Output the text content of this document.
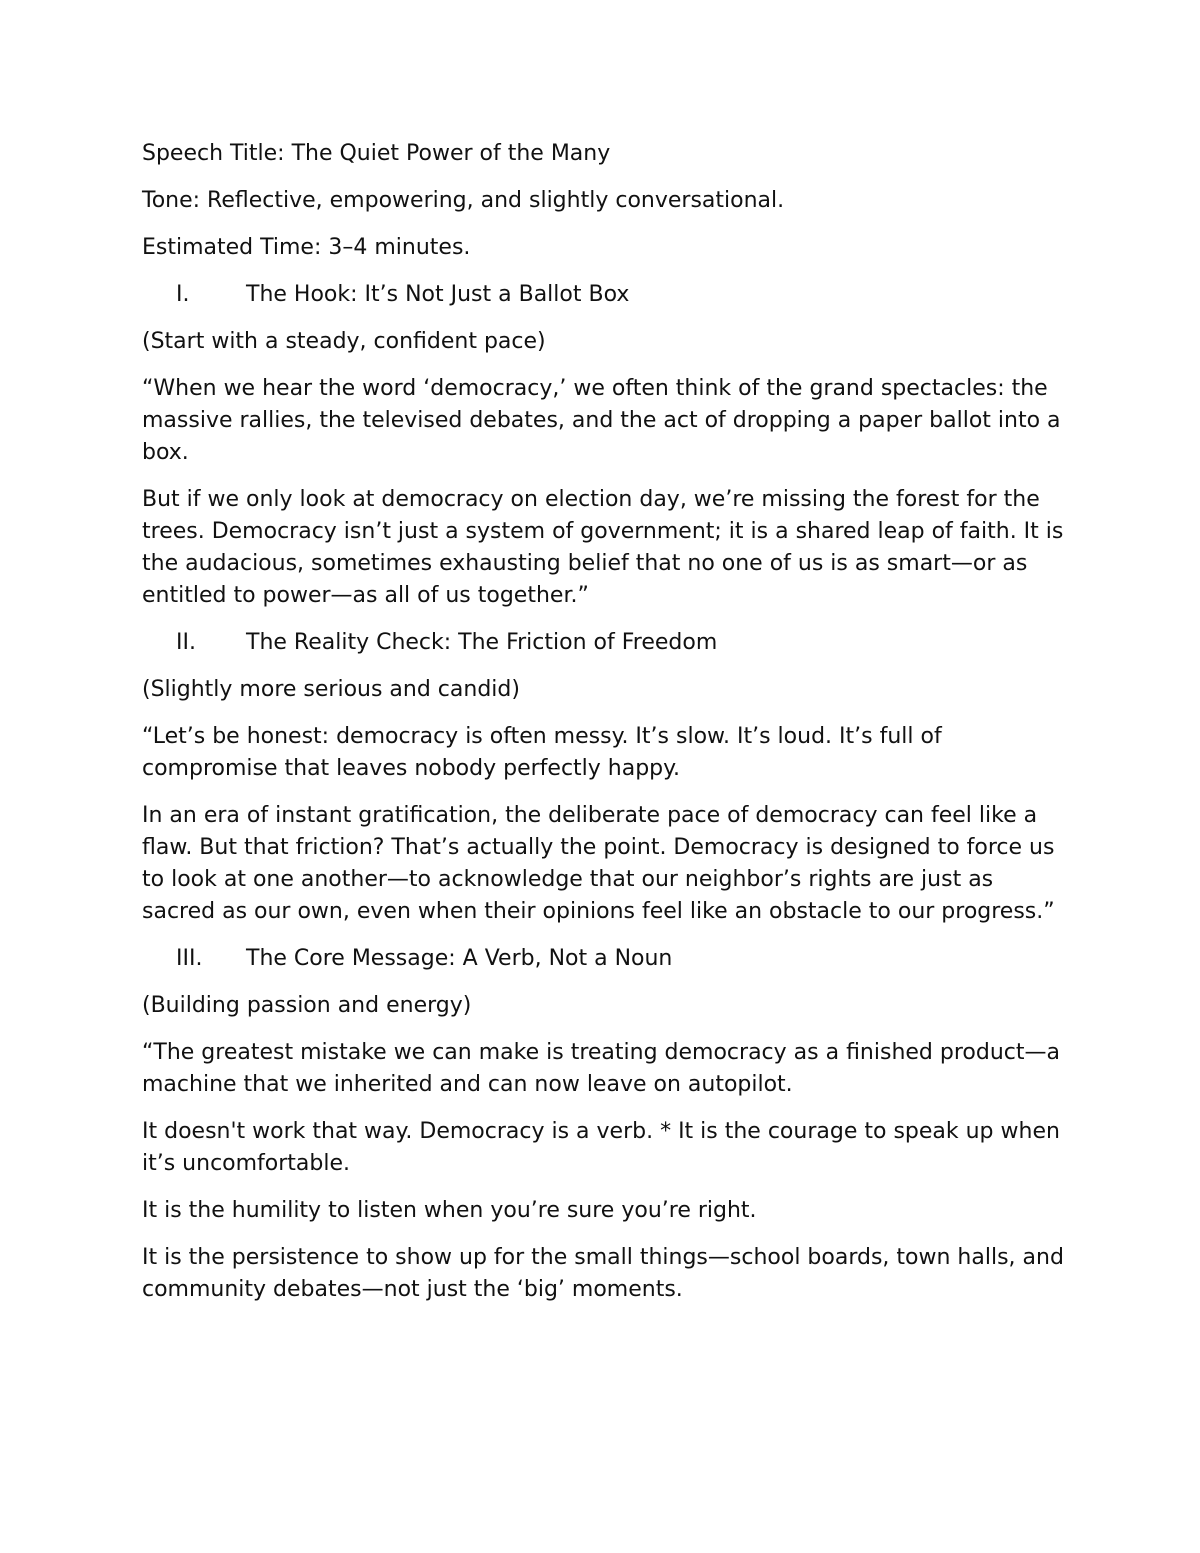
Speech Title: The Quiet Power of the Many

Tone: Reflective, empowering, and slightly conversational.

Estimated Time: 3–4 minutes.

I.	The Hook: It’s Not Just a Ballot Box

(Start with a steady, confident pace)

“When we hear the word ‘democracy,’ we often think of the grand spectacles: the massive rallies, the televised debates, and the act of dropping a paper ballot into a box.

But if we only look at democracy on election day, we’re missing the forest for the trees. Democracy isn’t just a system of government; it is a shared leap of faith. It is the audacious, sometimes exhausting belief that no one of us is as smart—or as entitled to power—as all of us together.”

II.	The Reality Check: The Friction of Freedom

(Slightly more serious and candid)

“Let’s be honest: democracy is often messy. It’s slow. It’s loud. It’s full of compromise that leaves nobody perfectly happy.

In an era of instant gratification, the deliberate pace of democracy can feel like a flaw. But that friction? That’s actually the point. Democracy is designed to force us to look at one another—to acknowledge that our neighbor’s rights are just as sacred as our own, even when their opinions feel like an obstacle to our progress.”

III.	The Core Message: A Verb, Not a Noun

(Building passion and energy)

“The greatest mistake we can make is treating democracy as a finished product—a machine that we inherited and can now leave on autopilot.

It doesn't work that way. Democracy is a verb. * It is the courage to speak up when it’s uncomfortable.

It is the humility to listen when you’re sure you’re right.

It is the persistence to show up for the small things—school boards, town halls, and community debates—not just the ‘big’ moments.
